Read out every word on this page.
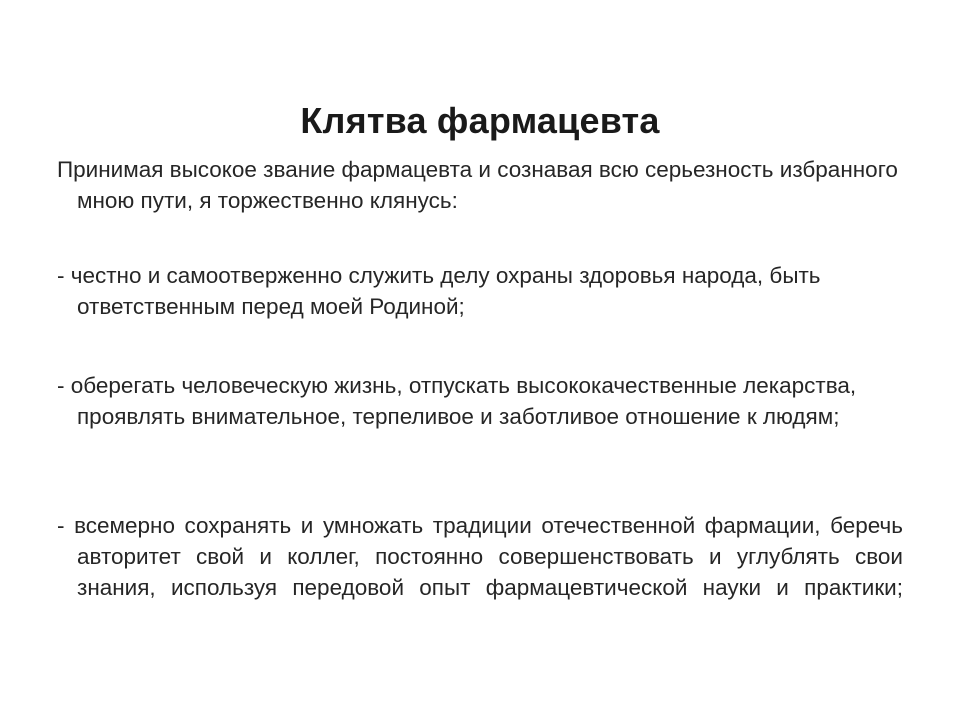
Клятва фармацевта
Принимая высокое звание фармацевта и сознавая всю серьезность избранного мною пути, я торжественно клянусь:
- честно и самоотверженно служить делу охраны здоровья народа, быть ответственным перед моей Родиной;
- оберегать человеческую жизнь, отпускать высококачественные лекарства, проявлять внимательное, терпеливое и заботливое отношение к людям;
- всемерно сохранять и умножать традиции отечественной фармации, беречь авторитет свой и коллег, постоянно совершенствовать и углублять свои знания, используя передовой опыт фармацевтической науки и практики;
